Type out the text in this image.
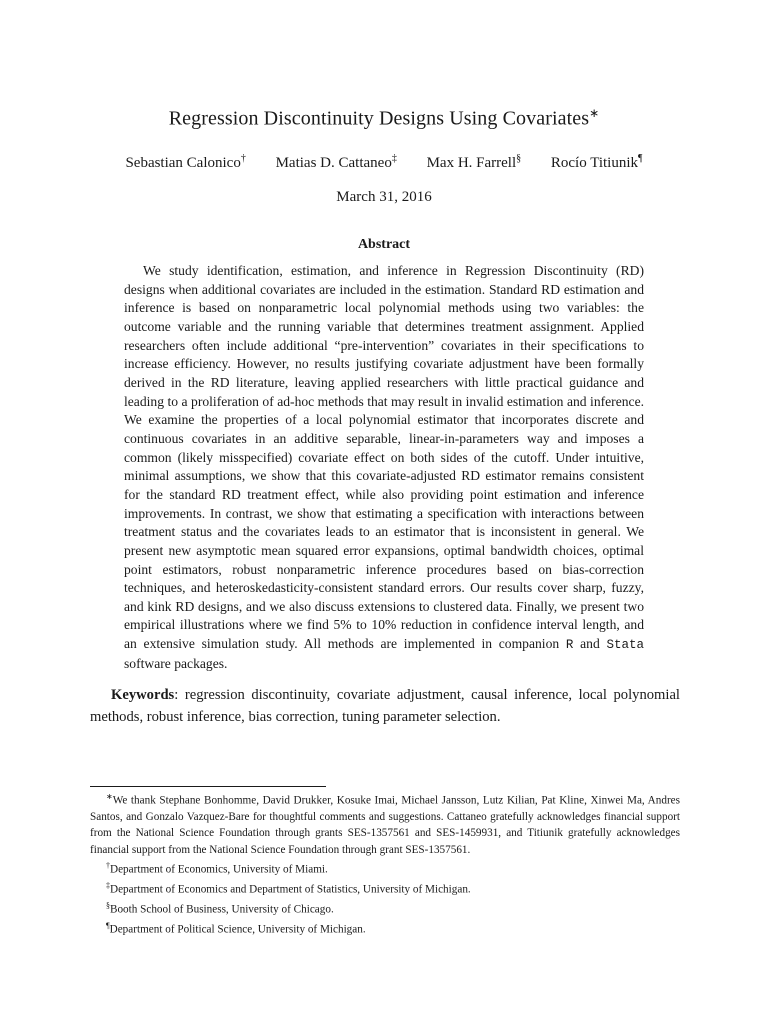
Regression Discontinuity Designs Using Covariates∗
Sebastian Calonico† Matias D. Cattaneo‡ Max H. Farrell§ Rocío Titiunik¶
March 31, 2016
Abstract
We study identification, estimation, and inference in Regression Discontinuity (RD) designs when additional covariates are included in the estimation. Standard RD estimation and inference is based on nonparametric local polynomial methods using two variables: the outcome variable and the running variable that determines treatment assignment. Applied researchers often include additional “pre-intervention” covariates in their specifications to increase efficiency. However, no results justifying covariate adjustment have been formally derived in the RD literature, leaving applied researchers with little practical guidance and leading to a proliferation of ad-hoc methods that may result in invalid estimation and inference. We examine the properties of a local polynomial estimator that incorporates discrete and continuous covariates in an additive separable, linear-in-parameters way and imposes a common (likely misspecified) covariate effect on both sides of the cutoff. Under intuitive, minimal assumptions, we show that this covariate-adjusted RD estimator remains consistent for the standard RD treatment effect, while also providing point estimation and inference improvements. In contrast, we show that estimating a specification with interactions between treatment status and the covariates leads to an estimator that is inconsistent in general. We present new asymptotic mean squared error expansions, optimal bandwidth choices, optimal point estimators, robust nonparametric inference procedures based on bias-correction techniques, and heteroskedasticity-consistent standard errors. Our results cover sharp, fuzzy, and kink RD designs, and we also discuss extensions to clustered data. Finally, we present two empirical illustrations where we find 5% to 10% reduction in confidence interval length, and an extensive simulation study. All methods are implemented in companion R and Stata software packages.
Keywords: regression discontinuity, covariate adjustment, causal inference, local polynomial methods, robust inference, bias correction, tuning parameter selection.

∗We thank Stephane Bonhomme, David Drukker, Kosuke Imai, Michael Jansson, Lutz Kilian, Pat Kline, Xinwei Ma, Andres Santos, and Gonzalo Vazquez-Bare for thoughtful comments and suggestions. Cattaneo gratefully acknowledges financial support from the National Science Foundation through grants SES-1357561 and SES-1459931, and Titiunik gratefully acknowledges financial support from the National Science Foundation through grant SES-1357561.

†Department of Economics, University of Miami.

‡Department of Economics and Department of Statistics, University of Michigan.

§Booth School of Business, University of Chicago.

¶Department of Political Science, University of Michigan.
